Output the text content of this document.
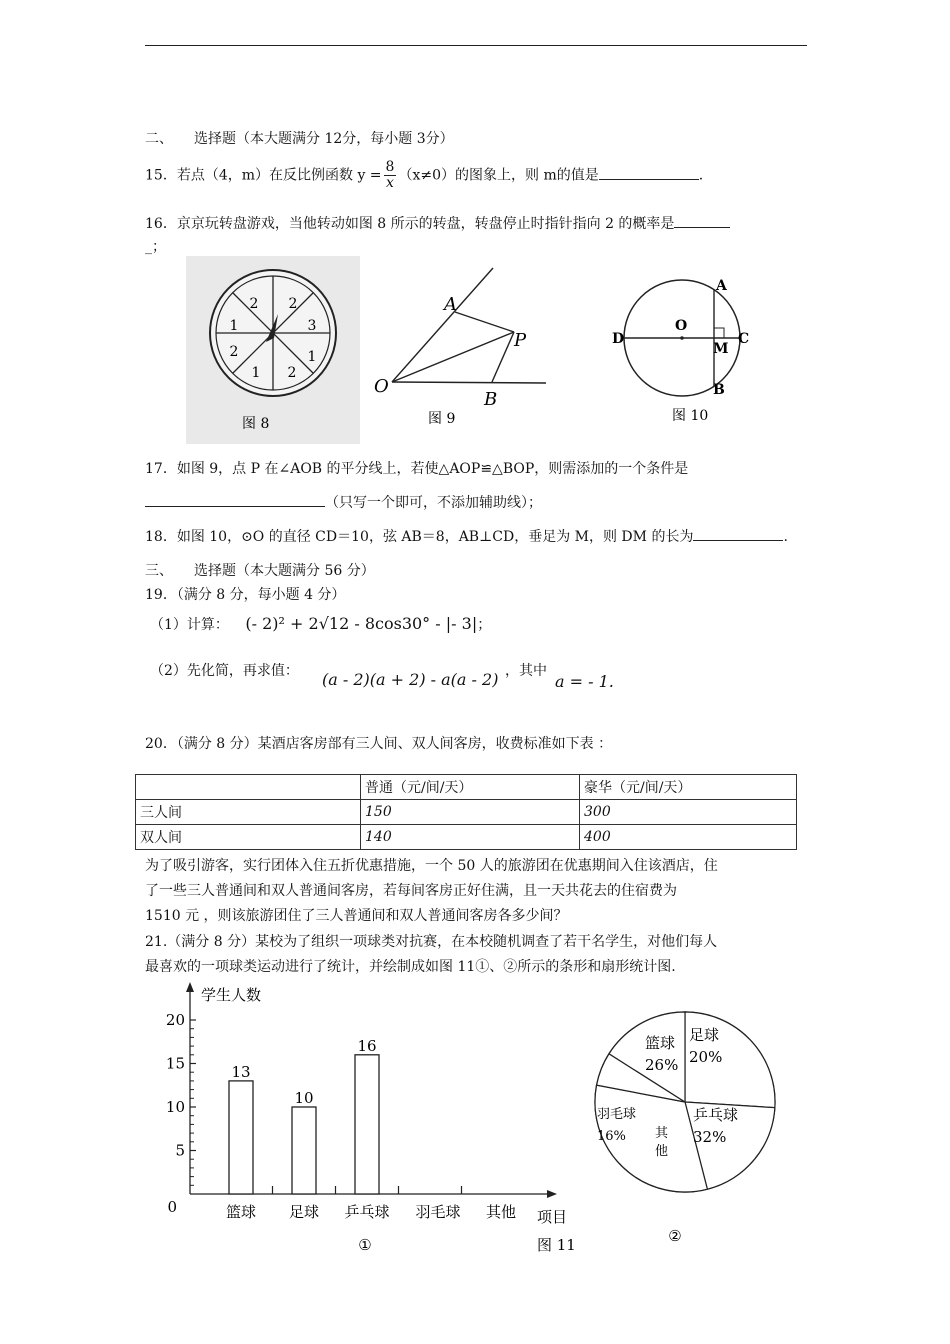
二、　　选择题（本大题满分 12分，每小题 3分）
15．若点（4，m）在反比例函数 $y = \frac{8}{x} (x\ne 0)$的图象上，则 m的值是	.
16．京京玩转盘游戏，当他转动如图 8 所示的转盘，转盘停止时指针指向 2 的概率是
_；
2
3
1
2
1
2
1
2
图 8
A
P
O
B
图 9
A
O
D	C
M
B
图 10
17．如图 9，点 P 在∠AOB 的平分线上，若使△AOP≌△BOP，则需添加的一个条件是
（只写一个即可，不添加辅助线）；
18．如图 10，⊙O 的直径 CD＝10，弦 AB＝8，AB⊥CD，垂足为 M，则 DM 的长为	.
三、　　选择题（本大题满分 56 分）
19．（满分 8 分，每小题 4 分）
（1）计算： (- 2)² + 2√12 - 8cos30° - |- 3|；
（2）先化简，再求值： (a - 2)(a + 2) - a(a - 2) ，其中
a = - 1.
20．（满分 8 分）某酒店客房部有三人间、双人间客房，收费标准如下表 ：
	普通（元/间/天）	豪华（元/间/天）
三人间	150	300
双人间	140	400
为了吸引游客，实行团体入住五折优惠措施，一个 50 人的旅游团在优惠期间入住该酒店，住
了一些三人普通间和双人普通间客房，若每间客房正好住满，且一天共花去的住宿费为
1510 元 ，则该旅游团住了三人普通间和双人普通间客房各多少间？
21.（满分 8 分）某校为了组织一项球类对抗赛，在本校随机调查了若干名学生，对他们每人
最喜欢的一项球类运动进行了统计，并绘制成如图 11①、②所示的条形和扇形统计图.
学生人数
项目
0
5
10
15
20
13
篮球
10
足球
16
乒乓球 羽毛球 其他
①	图 11
篮球
26%
足球
20%
乒乓球
32%
其
他
羽毛球
16%
②
